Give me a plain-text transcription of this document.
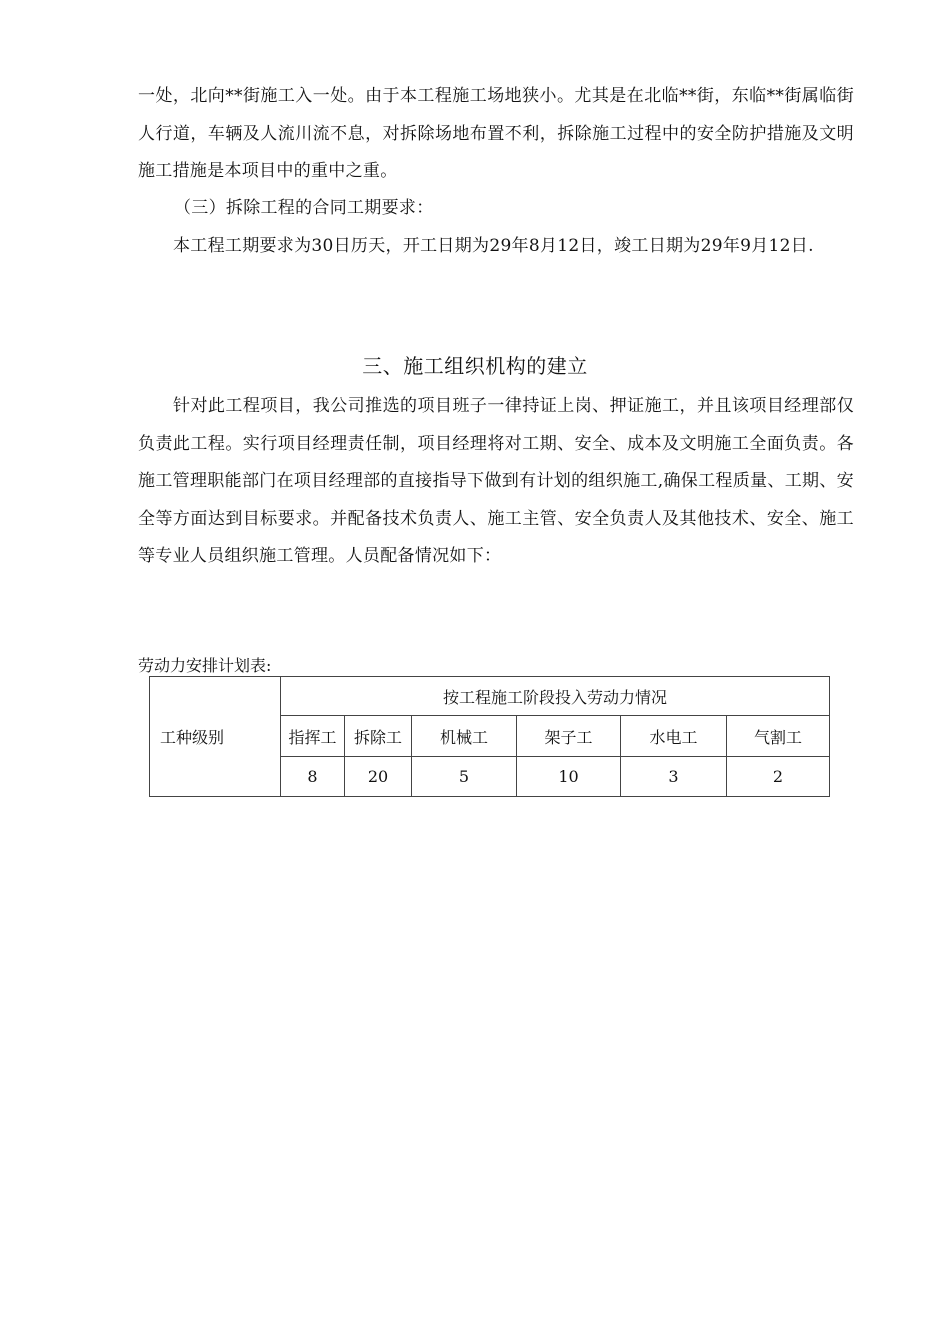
一处，北向**街施工入一处。由于本工程施工场地狭小。尤其是在北临**街，东临**街属临街人行道，车辆及人流川流不息，对拆除场地布置不利，拆除施工过程中的安全防护措施及文明施工措施是本项目中的重中之重。

（三）拆除工程的合同工期要求：

本工程工期要求为30日历天，开工日期为29年8月12日，竣工日期为29年9月12日.

三、施工组织机构的建立

针对此工程项目，我公司推选的项目班子一律持证上岗、押证施工，并且该项目经理部仅负责此工程。实行项目经理责任制，项目经理将对工期、安全、成本及文明施工全面负责。各施工管理职能部门在项目经理部的直接指导下做到有计划的组织施工,确保工程质量、工期、安全等方面达到目标要求。并配备技术负责人、施工主管、安全负责人及其他技术、安全、施工等专业人员组织施工管理。人员配备情况如下：

劳动力安排计划表:

工种级别	按工程施工阶段投入劳动力情况					
	指挥工	拆除工	机械工	架子工	水电工	气割工
	8	20	5	10	3	2
